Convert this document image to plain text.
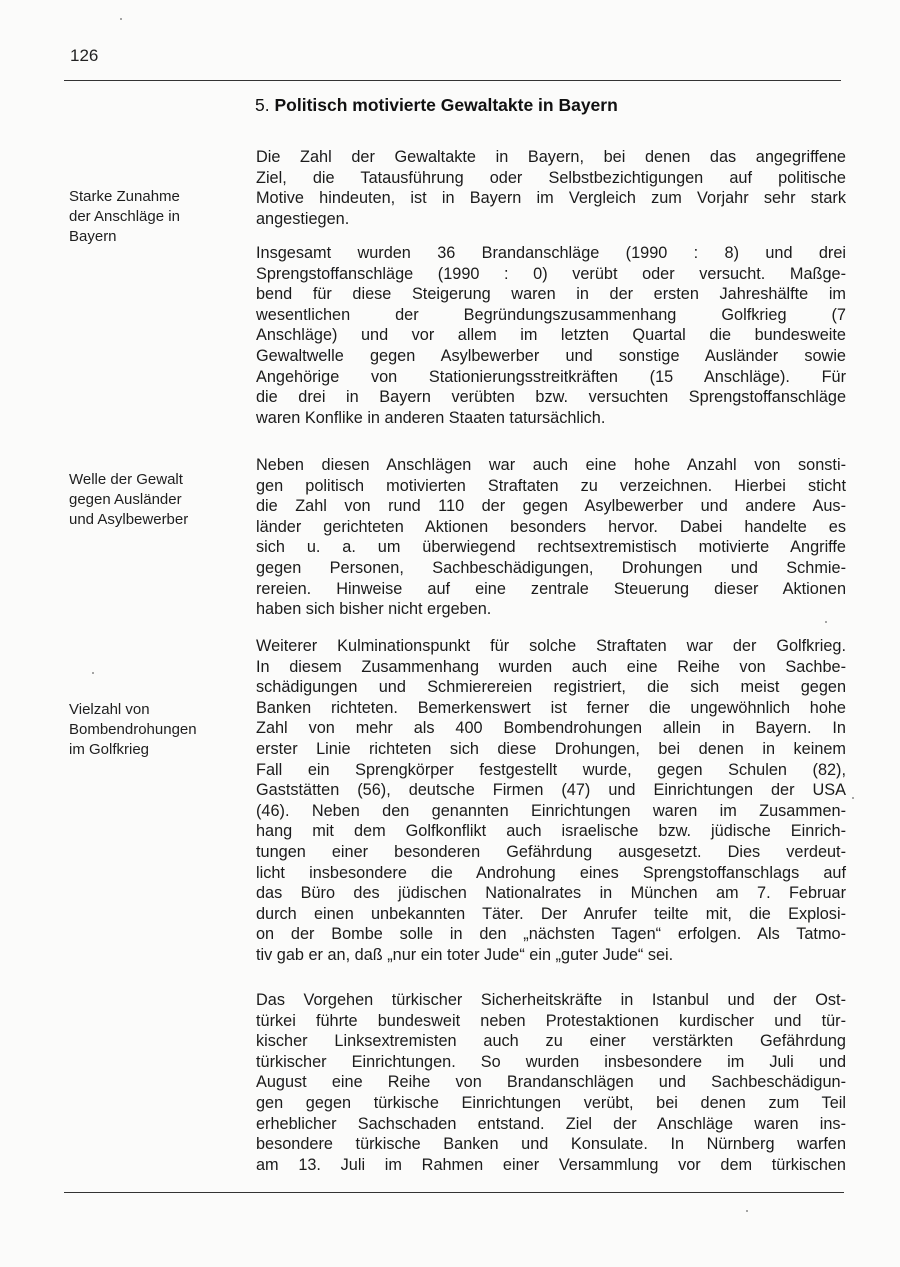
126
5. Politisch motivierte Gewaltakte in Bayern
Starke Zunahme
der Anschläge in
Bayern
Welle der Gewalt
gegen Ausländer
und Asylbewerber
Vielzahl von
Bombendrohungen
im Golfkrieg
Die Zahl der Gewaltakte in Bayern, bei denen das angegriffene
Ziel, die Tatausführung oder Selbstbezichtigungen auf politische
Motive hindeuten, ist in Bayern im Vergleich zum Vorjahr sehr stark
angestiegen.
Insgesamt wurden 36 Brandanschläge (1990 : 8) und drei
Sprengstoffanschläge (1990 : 0) verübt oder versucht. Maßge-
bend für diese Steigerung waren in der ersten Jahreshälfte im
wesentlichen der Begründungszusammenhang Golfkrieg (7
Anschläge) und vor allem im letzten Quartal die bundesweite
Gewaltwelle gegen Asylbewerber und sonstige Ausländer sowie
Angehörige von Stationierungsstreitkräften (15 Anschläge). Für
die drei in Bayern verübten bzw. versuchten Sprengstoffanschläge
waren Konflike in anderen Staaten tatursächlich.
Neben diesen Anschlägen war auch eine hohe Anzahl von sonsti-
gen politisch motivierten Straftaten zu verzeichnen. Hierbei sticht
die Zahl von rund 110 der gegen Asylbewerber und andere Aus-
länder gerichteten Aktionen besonders hervor. Dabei handelte es
sich u. a. um überwiegend rechtsextremistisch motivierte Angriffe
gegen Personen, Sachbeschädigungen, Drohungen und Schmie-
rereien. Hinweise auf eine zentrale Steuerung dieser Aktionen
haben sich bisher nicht ergeben.
Weiterer Kulminationspunkt für solche Straftaten war der Golfkrieg.
In diesem Zusammenhang wurden auch eine Reihe von Sachbe-
schädigungen und Schmierereien registriert, die sich meist gegen
Banken richteten. Bemerkenswert ist ferner die ungewöhnlich hohe
Zahl von mehr als 400 Bombendrohungen allein in Bayern. In
erster Linie richteten sich diese Drohungen, bei denen in keinem
Fall ein Sprengkörper festgestellt wurde, gegen Schulen (82),
Gaststätten (56), deutsche Firmen (47) und Einrichtungen der USA
(46). Neben den genannten Einrichtungen waren im Zusammen-
hang mit dem Golfkonflikt auch israelische bzw. jüdische Einrich-
tungen einer besonderen Gefährdung ausgesetzt. Dies verdeut-
licht insbesondere die Androhung eines Sprengstoffanschlags auf
das Büro des jüdischen Nationalrates in München am 7. Februar
durch einen unbekannten Täter. Der Anrufer teilte mit, die Explosi-
on der Bombe solle in den „nächsten Tagen“ erfolgen. Als Tatmo-
tiv gab er an, daß „nur ein toter Jude“ ein „guter Jude“ sei.
Das Vorgehen türkischer Sicherheitskräfte in Istanbul und der Ost-
türkei führte bundesweit neben Protestaktionen kurdischer und tür-
kischer Linksextremisten auch zu einer verstärkten Gefährdung
türkischer Einrichtungen. So wurden insbesondere im Juli und
August eine Reihe von Brandanschlägen und Sachbeschädigun-
gen gegen türkische Einrichtungen verübt, bei denen zum Teil
erheblicher Sachschaden entstand. Ziel der Anschläge waren ins-
besondere türkische Banken und Konsulate. In Nürnberg warfen
am 13. Juli im Rahmen einer Versammlung vor dem türkischen
